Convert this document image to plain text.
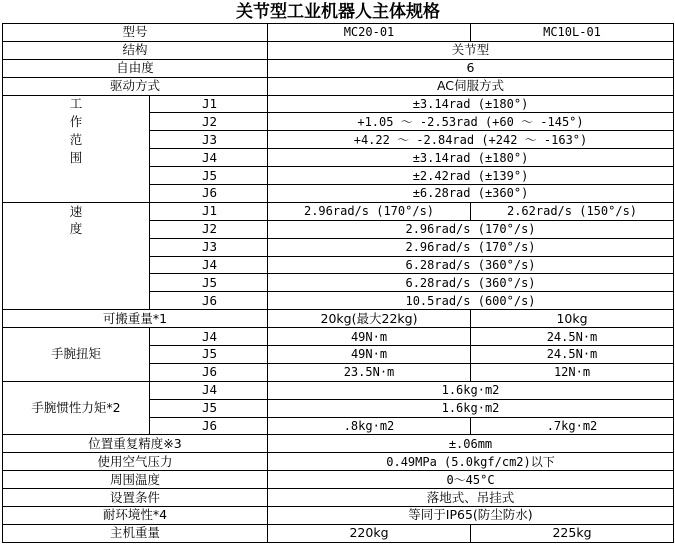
关节型工业机器人主体规格			
型号		MC20-01	MC10L-01
结构		关节型	
自由度		6	
驱动方式		AC伺服方式	
工	J1	±3.14rad (±180°)	
作	J2	+1.05 ～ -2.53rad (+60 ～ -145°)	
范	J3	+4.22 ～ -2.84rad (+242 ～ -163°)	
围	J4	±3.14rad (±180°)	
	J5	±2.42rad (±139°)	
	J6	±6.28rad (±360°)	
速	J1	2.96rad/s (170°/s)	2.62rad/s (150°/s)
度	J2	2.96rad/s (170°/s)	
	J3	2.96rad/s (170°/s)	
	J4	6.28rad/s (360°/s)	
	J5	6.28rad/s (360°/s)	
	J6	10.5rad/s (600°/s)	
可搬重量*1		20kg(最大22kg)	10kg
手腕扭矩	J4	49N·m	24.5N·m
	J5	49N·m	24.5N·m
	J6	23.5N·m	12N·m
手腕惯性力矩*2	J4	1.6kg·m2	
	J5	1.6kg·m2	
	J6	.8kg·m2	.7kg·m2
位置重复精度※3		±.06mm	
使用空气压力		0.49MPa (5.0kgf/cm2)以下	
周围温度		0～45°C	
设置条件		落地式、吊挂式	
耐环境性*4		等同于IP65(防尘防水)	
主机重量		220kg	225kg
